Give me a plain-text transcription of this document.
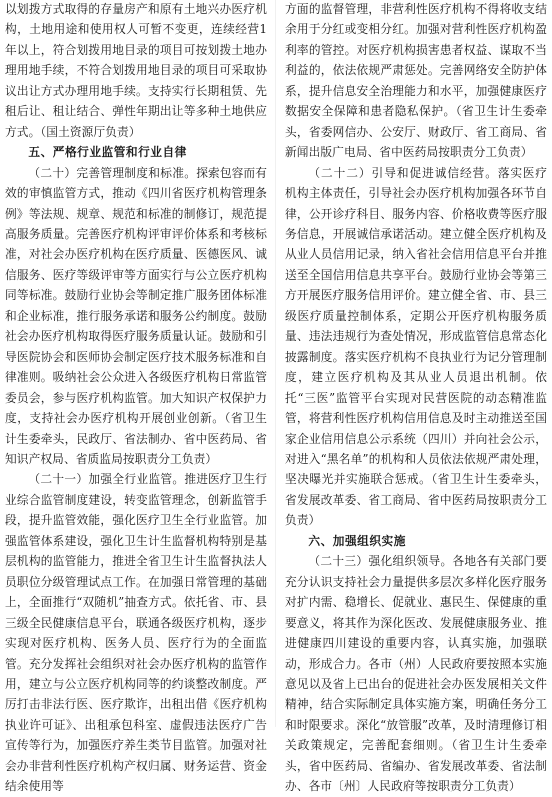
以划拨方式取得的存量房产和原有土地兴办医疗机构，土地用途和使用权人可暂不变更，连续经营1年以上，符合划拨用地目录的项目可按划拨土地办理用地手续，不符合划拨用地目录的项目可采取协议出让方式办理用地手续。支持实行长期租赁、先租后让、租让结合、弹性年期出让等多种土地供应方式。（国土资源厅负责）

五、严格行业监管和行业自律

（二十）完善管理制度和标准。探索包容而有效的审慎监管方式，推动《四川省医疗机构管理条例》等法规、规章、规范和标准的制修订，规范提高服务质量。完善医疗机构评审评价体系和考核标准，对社会办医疗机构在医疗质量、医德医风、诚信服务、医疗等级评审等方面实行与公立医疗机构同等标准。鼓励行业协会等制定推广服务团体标准和企业标准，推行服务承诺和服务公约制度。鼓励社会办医疗机构取得医疗服务质量认证。鼓励和引导医院协会和医师协会制定医疗技术服务标准和自律准则。吸纳社会公众进入各级医疗机构日常监管委员会，参与医疗机构监管。加大知识产权保护力度，支持社会办医疗机构开展创业创新。（省卫生计生委牵头，民政厅、省法制办、省中医药局、省知识产权局、省质监局按职责分工负责）

（二十一）加强全行业监管。推进医疗卫生行业综合监管制度建设，转变监管理念，创新监管手段，提升监管效能，强化医疗卫生全行业监管。加强监管体系建设，强化卫生计生监督机构特别是基层机构的监管能力，推进全省卫生计生监督执法人员职位分级管理试点工作。在加强日常管理的基础上，全面推行“双随机”抽查方式。依托省、市、县三级全民健康信息平台，联通各级医疗机构，逐步实现对医疗机构、医务人员、医疗行为的全面监管。充分发挥社会组织对社会办医疗机构的监管作用，建立与公立医疗机构同等的约谈整改制度。严厉打击非法行医、医疗欺诈，出租出借《医疗机构执业许可证》、出租承包科室、虚假违法医疗广告宣传等行为，加强医疗养生类节目监管。加强对社会办非营利性医疗机构产权归属、财务运营、资金结余使用等

方面的监督管理，非营利性医疗机构不得将收支结余用于分红或变相分红。加强对营利性医疗机构盈利率的管控。对医疗机构损害患者权益、谋取不当利益的，依法依规严肃惩处。完善网络安全防护体系，提升信息安全治理能力和水平，加强健康医疗数据安全保障和患者隐私保护。（省卫生计生委牵头，省委网信办、公安厅、财政厅、省工商局、省新闻出版广电局、省中医药局按职责分工负责）

（二十二）引导和促进诚信经营。落实医疗机构主体责任，引导社会办医疗机构加强各环节自律，公开诊疗科目、服务内容、价格收费等医疗服务信息，开展诚信承诺活动。建立健全医疗机构及从业人员信用记录，纳入省社会信用信息平台并推送至全国信用信息共享平台。鼓励行业协会等第三方开展医疗服务信用评价。建立健全省、市、县三级医疗质量控制体系，定期公开医疗机构服务质量、违法违规行为查处情况，形成监管信息常态化披露制度。落实医疗机构不良执业行为记分管理制度，建立医疗机构及其从业人员退出机制。依托“三医”监管平台实现对民营医院的动态精准监管，将营利性医疗机构信用信息及时主动推送至国家企业信用信息公示系统（四川）并向社会公示，对进入“黑名单”的机构和人员依法依规严肃处理，坚决曝光并实施联合惩戒。（省卫生计生委牵头，省发展改革委、省工商局、省中医药局按职责分工负责）

六、加强组织实施

（二十三）强化组织领导。各地各有关部门要充分认识支持社会力量提供多层次多样化医疗服务对扩内需、稳增长、促就业、惠民生、保健康的重要意义，将其作为深化医改、发展健康服务业、推进健康四川建设的重要内容，认真实施，加强联动，形成合力。各市（州）人民政府要按照本实施意见以及省上已出台的促进社会办医发展相关文件精神，结合实际制定具体实施方案，明确任务分工和时限要求。深化“放管服”改革，及时清理修订相关政策规定，完善配套细则。（省卫生计生委牵头，省中医药局、省编办、省发展改革委、省法制办、各市〔州〕人民政府等按职责分工负责）
